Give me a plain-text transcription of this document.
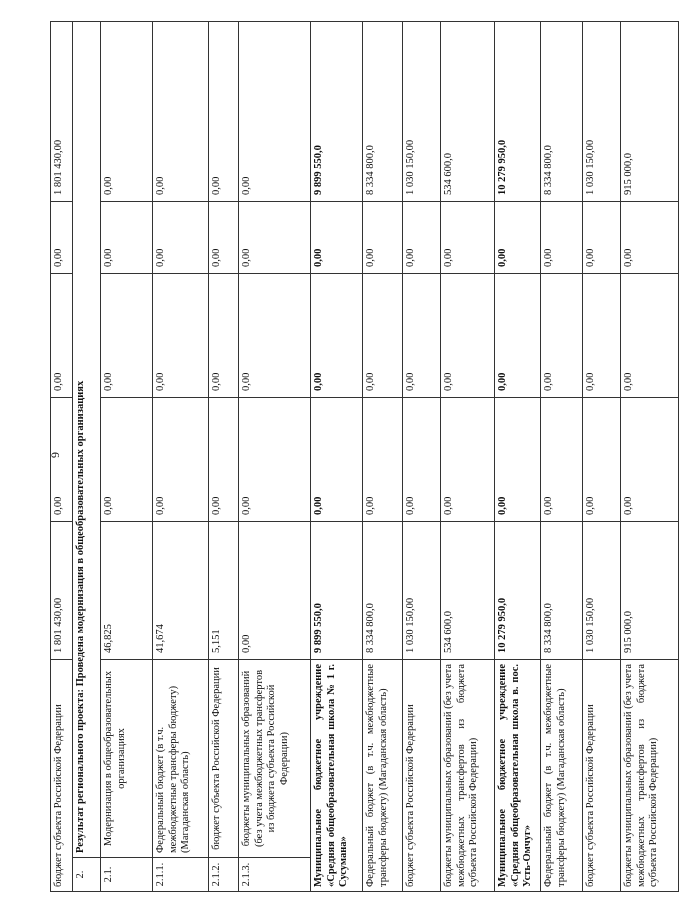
6
бюджет субъекта Российской Федерации		1 801 430,00	0,00	0,00	0,00	1 801 430,00
2.	Результат регионального проекта: Проведена модернизация в общеобразовательных организациях					
2.1.	Модернизация в общеобразовательных организациях	46,825	0,00	0,00	0,00	0,00
2.1.1.	Федеральный бюджет (в т.ч. межбюджетные трансферы бюджету) (Магаданская область)	41,674	0,00	0,00	0,00	0,00
2.1.2.	бюджет субъекта Российской Федерации	5,151	0,00	0,00	0,00	0,00
2.1.3.	бюджеты муниципальных образований (без учета межбюджетных трансфертов из бюджета субъекта Российской Федерации)	0,00	0,00	0,00	0,00	0,00
Муниципальное бюджетное учреждение «Средняя общеобразовательная школа № 1 г. Сусумана»		9 899 550,0	0,00	0,00	0,00	9 899 550,0
Федеральный бюджет (в т.ч. межбюджетные трансферы бюджету) (Магаданская область)		8 334 800,0	0,00	0,00	0,00	8 334 800,0
бюджет субъекта Российской Федерации		1 030 150,00	0,00	0,00	0,00	1 030 150,00
бюджеты муниципальных образований (без учета межбюджетных трансфертов из бюджета субъекта Российской Федерации)		534 600,0	0,00	0,00	0,00	534 600,0
Муниципальное бюджетное учреждение «Средняя общеобразовательная школа в. пос. Усть-Омчуг»		10 279 950,0	0,00	0,00	0,00	10 279 950,0
Федеральный бюджет (в т.ч. межбюджетные трансферы бюджету) (Магаданская область)		8 334 800,0	0,00	0,00	0,00	8 334 800,0
бюджет субъекта Российской Федерации		1 030 150,00	0,00	0,00	0,00	1 030 150,00
бюджеты муниципальных образований (без учета межбюджетных трансфертов из бюджета субъекта Российской Федерации)		915 000,0	0,00	0,00	0,00	915 000,0
